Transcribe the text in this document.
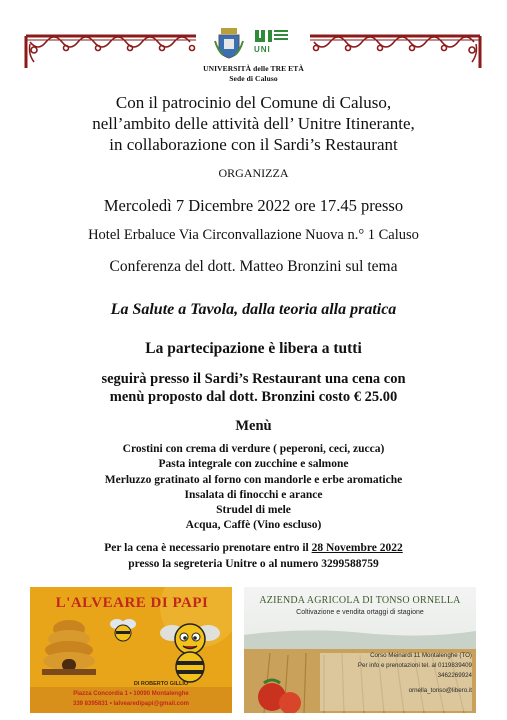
UNI
UNIVERSITÀ delle TRE ETÀ
Sede di Caluso
Con il patrocinio del Comune di Caluso,
nell’ambito delle attività dell’ Unitre Itinerante,
in collaborazione con il Sardi’s Restaurant
ORGANIZZA
Mercoledì 7 Dicembre 2022 ore 17.45 presso
Hotel Erbaluce Via Circonvallazione Nuova n.° 1 Caluso
Conferenza del dott. Matteo Bronzini sul tema
La Salute a Tavola, dalla teoria alla pratica
La partecipazione è libera a tutti
seguirà presso il Sardi’s Restaurant una cena con
menù proposto dal dott. Bronzini costo € 25.00
Menù
Crostini con crema di verdure ( peperoni, ceci, zucca)
Pasta integrale con zucchine e salmone
Merluzzo gratinato al forno con mandorle e erbe aromatiche
Insalata di finocchi e arance
Strudel di mele
Acqua, Caffè (Vino escluso)
Per la cena è necessario prenotare entro il 28 Novembre 2022
presso la segreteria Unitre o al numero 3299588759
L'ALVEARE DI PAPI
DI ROBERTO GILLIO
Piazza Concordia 1 • 10090 Montalenghe
339 8395831 • lalvearedipapi@gmail.com
AZIENDA AGRICOLA DI TONSO ORNELLA
Coltivazione e vendita ortaggi di stagione
Corso Meinardi 11 Montalenghe (TO)
Per info e prenotazioni tel. al 0119839409
3462269924
ornella_tonso@libero.it
